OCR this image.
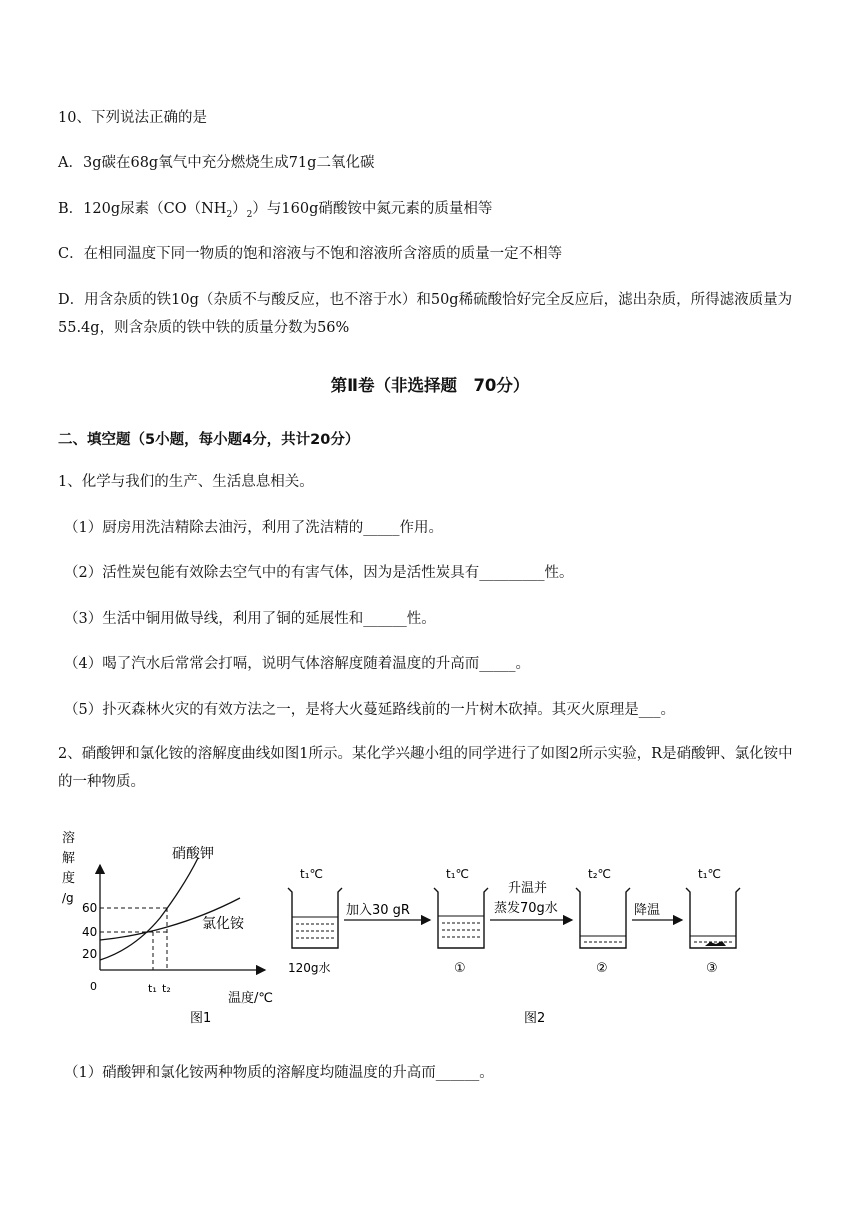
10、下列说法正确的是
A．3g碳在68g氧气中充分燃烧生成71g二氧化碳
B．120g尿素$(CO(NH_2)_2)$与160g硝酸铵中氮元素的质量相等
C．在相同温度下同一物质的饱和溶液与不饱和溶液所含溶质的质量一定不相等
D．用含杂质的铁10g（杂质不与酸反应，也不溶于水）和50g稀硫酸恰好完全反应后，滤出杂质，所得滤液质量为55.4g，则含杂质的铁中铁的质量分数为56%
第Ⅱ卷（非选择题　70分）
二、填空题（5小题，每小题4分，共计20分）
1、化学与我们的生产、生活息息相关。
（1）厨房用洗洁精除去油污，利用了洗洁精的_____作用。
（2）活性炭包能有效除去空气中的有害气体，因为是活性炭具有_________性。
（3）生活中铜用做导线，利用了铜的延展性和______性。
（4）喝了汽水后常常会打嗝，说明气体溶解度随着温度的升高而_____。
（5）扑灭森林火灾的有效方法之一，是将大火蔓延路线前的一片树木砍掉。其灭火原理是___。
2、硝酸钾和氯化铵的溶解度曲线如图1所示。某化学兴趣小组的同学进行了如图2所示实验，R是硝酸钾、氯化铵中的一种物质。
溶
解
度
/g
0
60
40
20
硝酸钾
氯化铵
t₁ t₂
温度/℃
图1
t₁℃
120g水
加入30 gR
t₁℃
①
升温并
蒸发70g水
t₂℃
②
降温
t₁℃
③
图2
（1）硝酸钾和氯化铵两种物质的溶解度均随温度的升高而______。
